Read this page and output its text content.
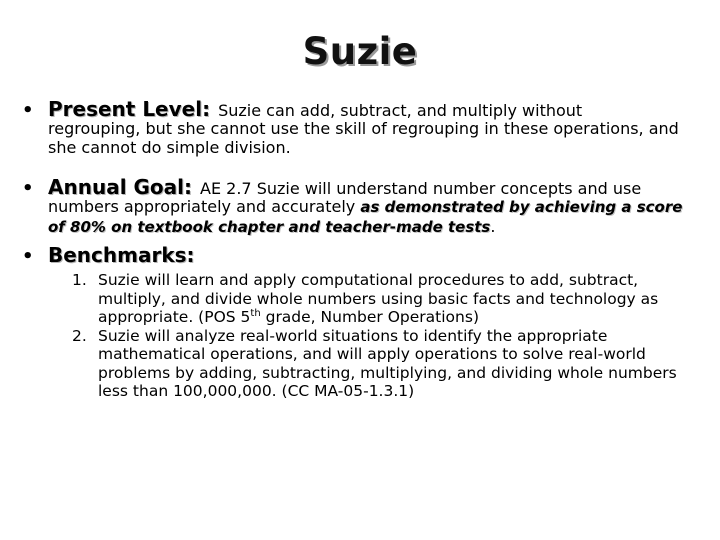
Suzie
• Present Level: Suzie can add, subtract, and multiply without
regrouping, but she cannot use the skill of regrouping in these operations, and she cannot do simple division.
• Annual Goal: AE 2.7 Suzie will understand number concepts and use
numbers appropriately and accurately as demonstrated by achieving a score of 80% on textbook chapter and teacher-made tests.
• Benchmarks:
1. Suzie will learn and apply computational procedures to add, subtract, multiply, and divide whole numbers using basic facts and technology as appropriate. (POS 5th grade, Number Operations)
2. Suzie will analyze real-world situations to identify the appropriate mathematical operations, and will apply operations to solve real-world problems by adding, subtracting, multiplying, and dividing whole numbers less than 100,000,000. (CC MA-05-1.3.1)
